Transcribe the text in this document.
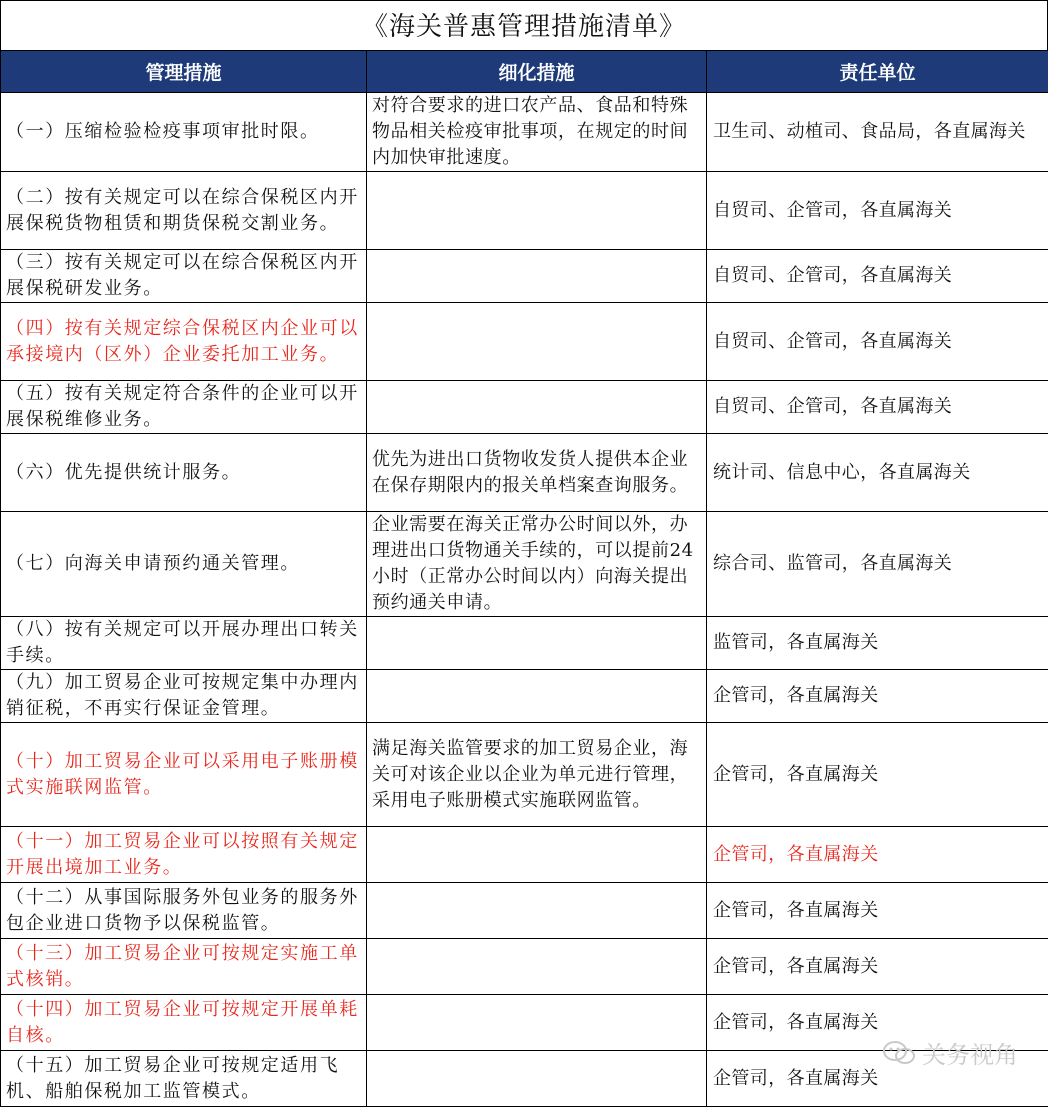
《海关普惠管理措施清单》
管理措施	细化措施	责任单位
（一）压缩检验检疫事项审批时限。	对符合要求的进口农产品、食品和特殊物品相关检疫审批事项，在规定的时间内加快审批速度。	卫生司、动植司、食品局，各直属海关
（二）按有关规定可以在综合保税区内开展保税货物租赁和期货保税交割业务。		自贸司、企管司，各直属海关
（三）按有关规定可以在综合保税区内开展保税研发业务。		自贸司、企管司，各直属海关
（四）按有关规定综合保税区内企业可以承接境内（区外）企业委托加工业务。		自贸司、企管司，各直属海关
（五）按有关规定符合条件的企业可以开展保税维修业务。		自贸司、企管司，各直属海关
（六）优先提供统计服务。	优先为进出口货物收发货人提供本企业在保存期限内的报关单档案查询服务。	统计司、信息中心，各直属海关
（七）向海关申请预约通关管理。	企业需要在海关正常办公时间以外，办理进出口货物通关手续的，可以提前24小时（正常办公时间以内）向海关提出预约通关申请。	综合司、监管司，各直属海关
（八）按有关规定可以开展办理出口转关手续。		监管司，各直属海关
（九）加工贸易企业可按规定集中办理内销征税，不再实行保证金管理。		企管司，各直属海关
（十）加工贸易企业可以采用电子账册模式实施联网监管。	满足海关监管要求的加工贸易企业，海关可对该企业以企业为单元进行管理，采用电子账册模式实施联网监管。	企管司，各直属海关
（十一）加工贸易企业可以按照有关规定开展出境加工业务。		企管司，各直属海关
（十二）从事国际服务外包业务的服务外包企业进口货物予以保税监管。		企管司，各直属海关
（十三）加工贸易企业可按规定实施工单式核销。		企管司，各直属海关
（十四）加工贸易企业可按规定开展单耗自核。		企管司，各直属海关
（十五）加工贸易企业可按规定适用飞机、船舶保税加工监管模式。		企管司，各直属海关
关务视角
